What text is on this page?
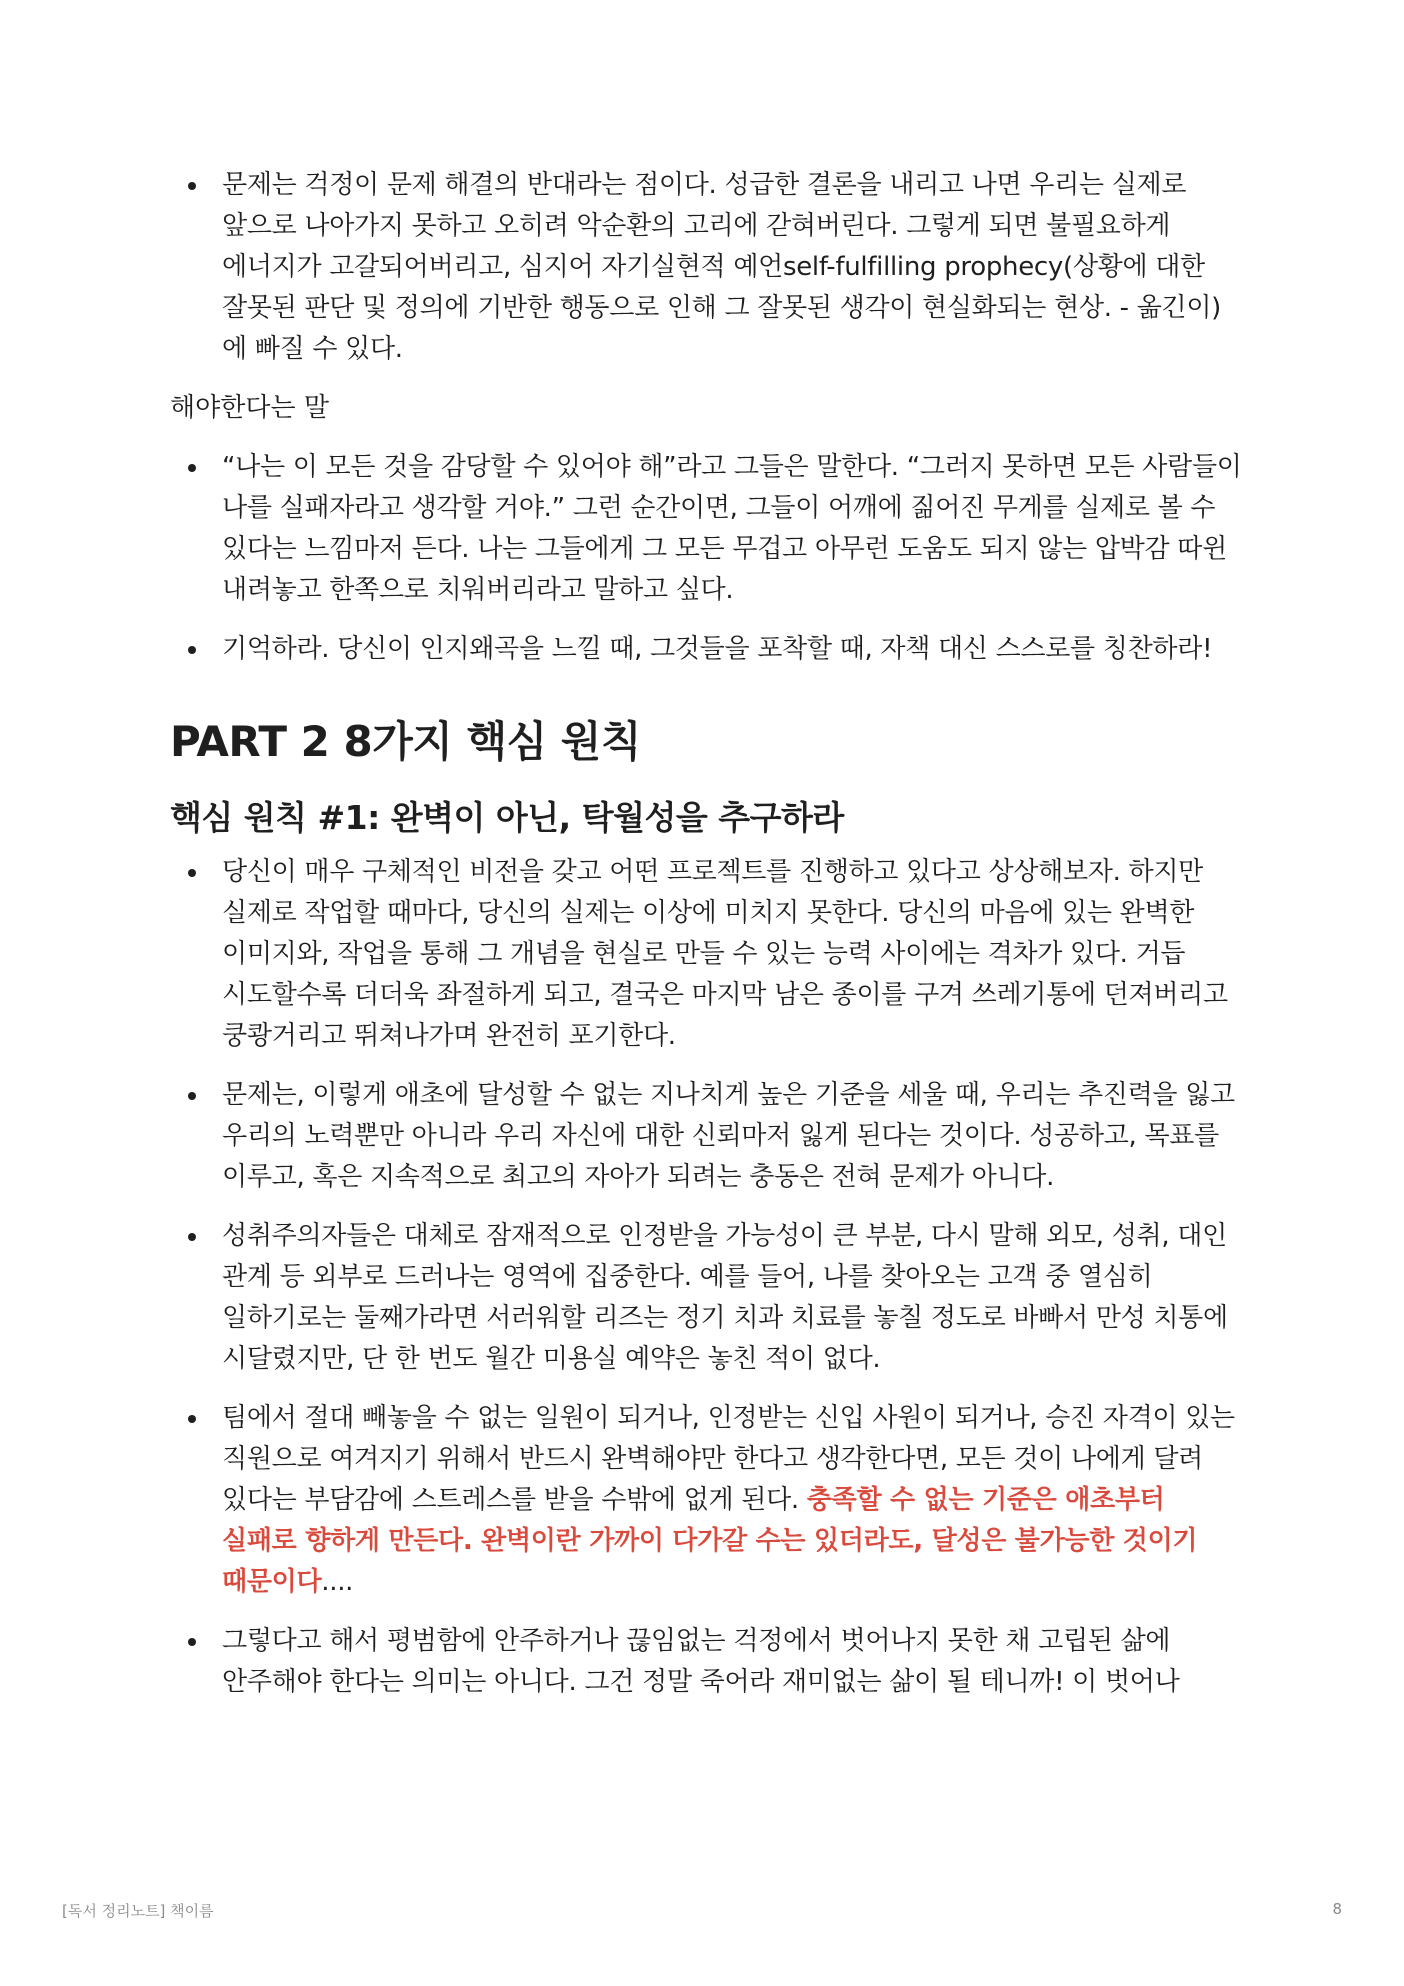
문제는 걱정이 문제 해결의 반대라는 점이다. 성급한 결론을 내리고 나면 우리는 실제로 앞으로 나아가지 못하고 오히려 악순환의 고리에 갇혀버린다. 그렇게 되면 불필요하게 에너지가 고갈되어버리고, 심지어 자기실현적 예언self-fulfilling prophecy(상황에 대한 잘못된 판단 및 정의에 기반한 행동으로 인해 그 잘못된 생각이 현실화되는 현상. - 옮긴이)에 빠질 수 있다.
해야한다는 말
“나는 이 모든 것을 감당할 수 있어야 해”라고 그들은 말한다. “그러지 못하면 모든 사람들이 나를 실패자라고 생각할 거야.” 그런 순간이면, 그들이 어깨에 짊어진 무게를 실제로 볼 수 있다는 느낌마저 든다. 나는 그들에게 그 모든 무겁고 아무런 도움도 되지 않는 압박감 따윈 내려놓고 한쪽으로 치워버리라고 말하고 싶다.
기억하라. 당신이 인지왜곡을 느낄 때, 그것들을 포착할 때, 자책 대신 스스로를 칭찬하라!
PART 2 8가지 핵심 원칙
핵심 원칙 #1: 완벽이 아닌, 탁월성을 추구하라
당신이 매우 구체적인 비전을 갖고 어떤 프로젝트를 진행하고 있다고 상상해보자. 하지만 실제로 작업할 때마다, 당신의 실제는 이상에 미치지 못한다. 당신의 마음에 있는 완벽한 이미지와, 작업을 통해 그 개념을 현실로 만들 수 있는 능력 사이에는 격차가 있다. 거듭 시도할수록 더더욱 좌절하게 되고, 결국은 마지막 남은 종이를 구겨 쓰레기통에 던져버리고 쿵쾅거리고 뛰쳐나가며 완전히 포기한다.
문제는, 이렇게 애초에 달성할 수 없는 지나치게 높은 기준을 세울 때, 우리는 추진력을 잃고 우리의 노력뿐만 아니라 우리 자신에 대한 신뢰마저 잃게 된다는 것이다. 성공하고, 목표를 이루고, 혹은 지속적으로 최고의 자아가 되려는 충동은 전혀 문제가 아니다.
성취주의자들은 대체로 잠재적으로 인정받을 가능성이 큰 부분, 다시 말해 외모, 성취, 대인 관계 등 외부로 드러나는 영역에 집중한다. 예를 들어, 나를 찾아오는 고객 중 열심히 일하기로는 둘째가라면 서러워할 리즈는 정기 치과 치료를 놓칠 정도로 바빠서 만성 치통에 시달렸지만, 단 한 번도 월간 미용실 예약은 놓친 적이 없다.
팀에서 절대 빼놓을 수 없는 일원이 되거나, 인정받는 신입 사원이 되거나, 승진 자격이 있는 직원으로 여겨지기 위해서 반드시 완벽해야만 한다고 생각한다면, 모든 것이 나에게 달려 있다는 부담감에 스트레스를 받을 수밖에 없게 된다. 충족할 수 없는 기준은 애초부터 실패로 향하게 만든다. 완벽이란 가까이 다가갈 수는 있더라도, 달성은 불가능한 것이기 때문이다....
그렇다고 해서 평범함에 안주하거나 끊임없는 걱정에서 벗어나지 못한 채 고립된 삶에 안주해야 한다는 의미는 아니다. 그건 정말 죽어라 재미없는 삶이 될 테니까! 이 벗어나
[독서 정리노트] 책이름	8
